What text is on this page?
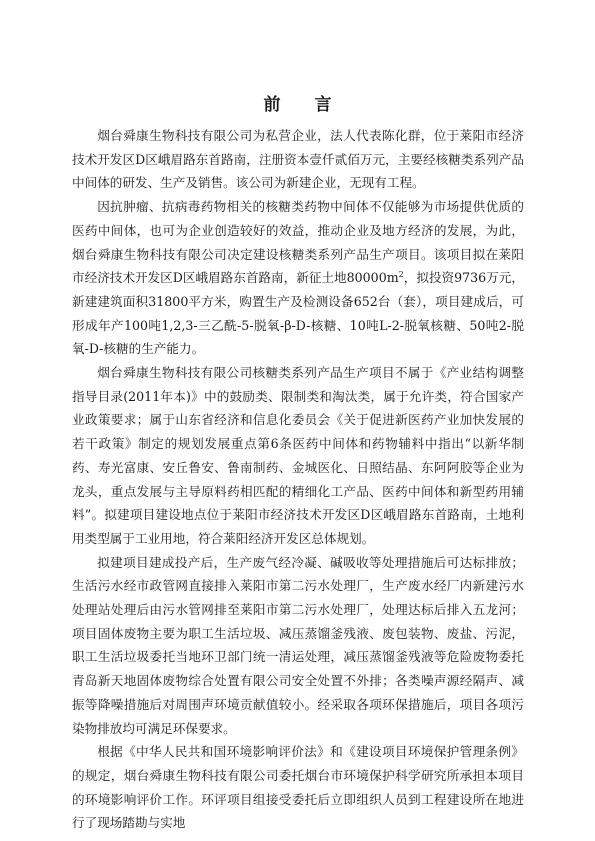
前 言

烟台舜康生物科技有限公司为私营企业，法人代表陈化群，位于莱阳市经济技术开发区D区峨眉路东首路南，注册资本壹仟贰佰万元，主要经核糖类系列产品中间体的研发、生产及销售。该公司为新建企业，无现有工程。

因抗肿瘤、抗病毒药物相关的核糖类药物中间体不仅能够为市场提供优质的医药中间体，也可为企业创造较好的效益，推动企业及地方经济的发展，为此，烟台舜康生物科技有限公司决定建设核糖类系列产品生产项目。该项目拟在莱阳市经济技术开发区D区峨眉路东首路南，新征土地$80000m^2$，拟投资9736万元，新建建筑面积31800平方米，购置生产及检测设备652台（套），项目建成后，可形成年产100吨1,2,3-三乙酰-5-脱氧-β-D-核糖、10吨L-2-脱氧核糖、50吨2-脱氧-D-核糖的生产能力。

烟台舜康生物科技有限公司核糖类系列产品生产项目不属于《产业结构调整指导目录(2011年本)》中的鼓励类、限制类和淘汰类，属于允许类，符合国家产业政策要求；属于山东省经济和信息化委员会《关于促进新医药产业加快发展的若干政策》制定的规划发展重点第6条医药中间体和药物辅料中指出“以新华制药、寿光富康、安丘鲁安、鲁南制药、金城医化、日照结晶、东阿阿胶等企业为龙头，重点发展与主导原料药相匹配的精细化工产品、医药中间体和新型药用辅料”。拟建项目建设地点位于莱阳市经济技术开发区D区峨眉路东首路南，土地利用类型属于工业用地，符合莱阳经济开发区总体规划。

拟建项目建成投产后，生产废气经冷凝、碱吸收等处理措施后可达标排放；生活污水经市政管网直接排入莱阳市第二污水处理厂，生产废水经厂内新建污水处理站处理后由污水管网排至莱阳市第二污水处理厂，处理达标后排入五龙河；项目固体废物主要为职工生活垃圾、减压蒸馏釜残液、废包装物、废盐、污泥，职工生活垃圾委托当地环卫部门统一清运处理，减压蒸馏釜残液等危险废物委托青岛新天地固体废物综合处置有限公司安全处置不外排；各类噪声源经隔声、减振等降噪措施后对周围声环境贡献值较小。经采取各项环保措施后，项目各项污染物排放均可满足环保要求。

根据《中华人民共和国环境影响评价法》和《建设项目环境保护管理条例》的规定，烟台舜康生物科技有限公司委托烟台市环境保护科学研究所承担本项目的环境影响评价工作。环评项目组接受委托后立即组织人员到工程建设所在地进行了现场踏勘与实地
